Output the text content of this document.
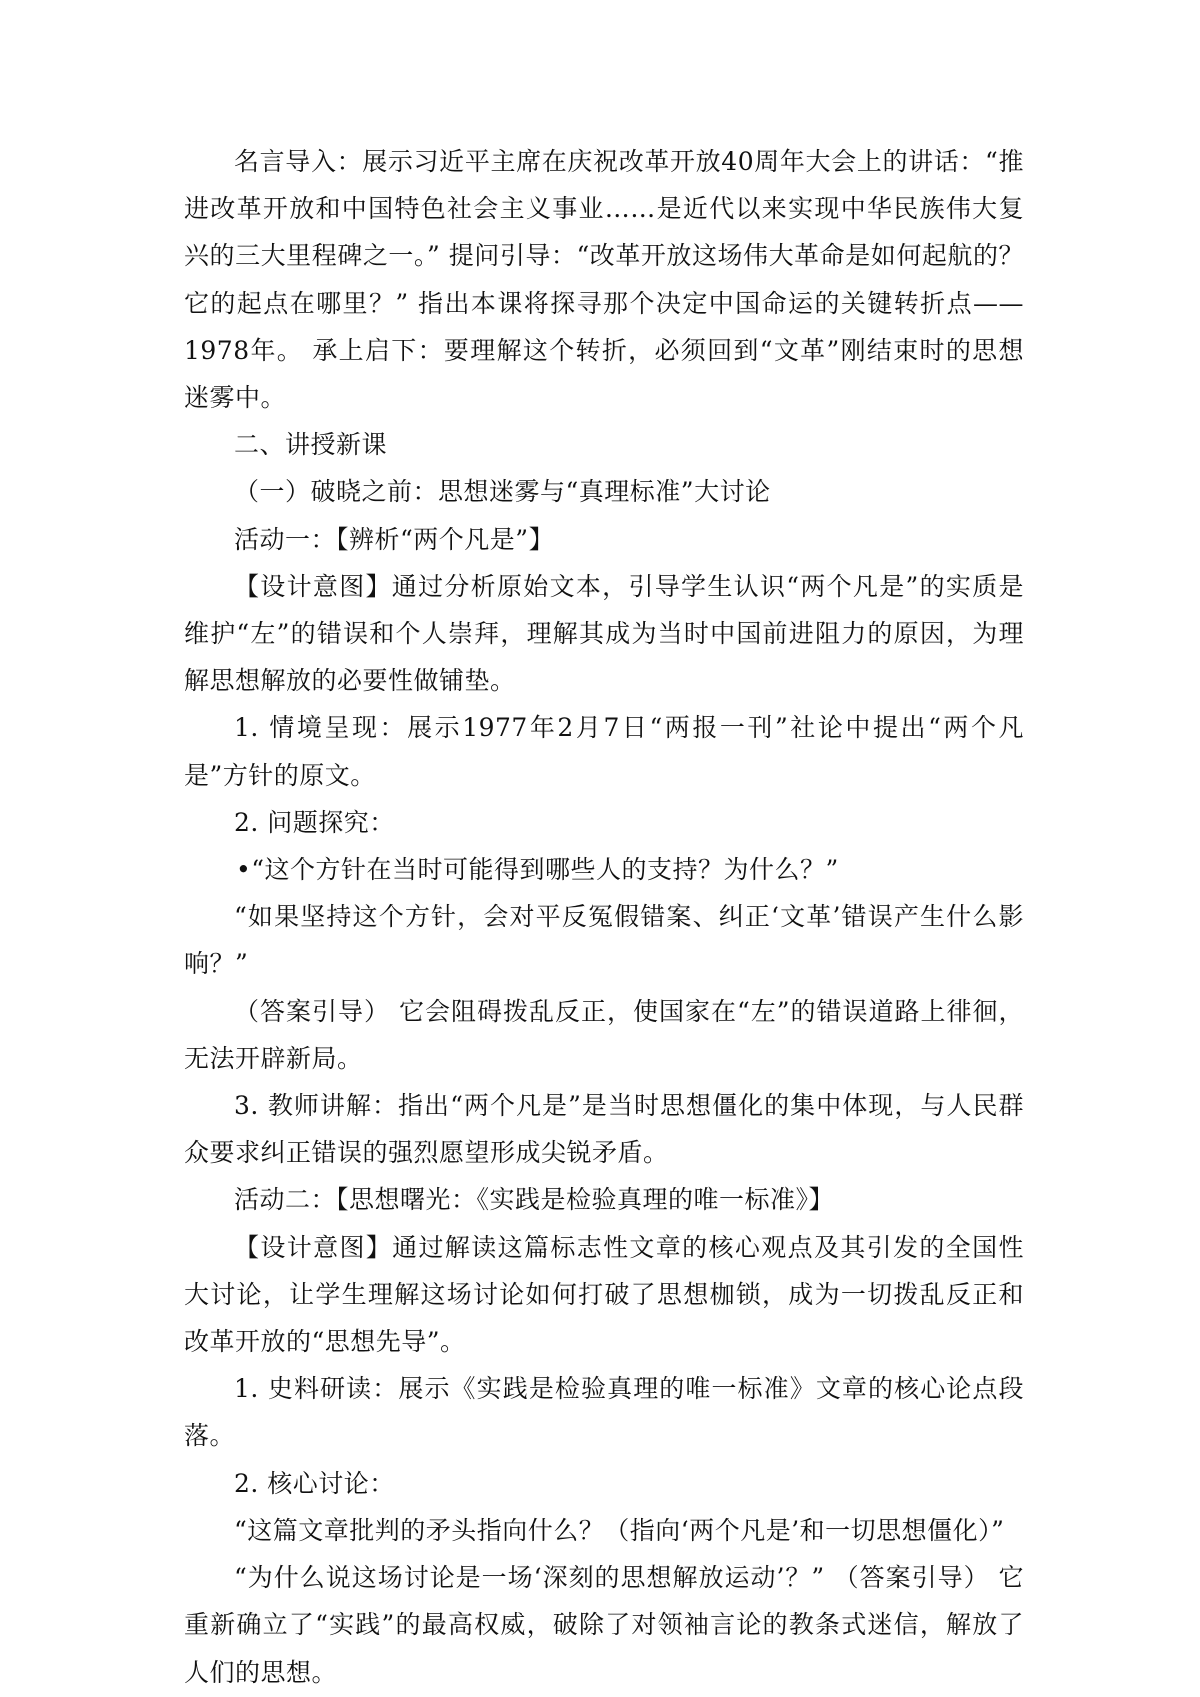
名言导入：展示习近平主席在庆祝改革开放40周年大会上的讲话：“推进改革开放和中国特色社会主义事业……是近代以来实现中华民族伟大复兴的三大里程碑之一。” 提问引导：“改革开放这场伟大革命是如何起航的？它的起点在哪里？” 指出本课将探寻那个决定中国命运的关键转折点——1978年。 承上启下：要理解这个转折，必须回到“文革”刚结束时的思想迷雾中。

二、讲授新课

（一）破晓之前：思想迷雾与“真理标准”大讨论

活动一：【辨析“两个凡是”】

【设计意图】通过分析原始文本，引导学生认识“两个凡是”的实质是维护“左”的错误和个人崇拜，理解其成为当时中国前进阻力的原因，为理解思想解放的必要性做铺垫。

1. 情境呈现：展示1977年2月7日“两报一刊”社论中提出“两个凡是”方针的原文。

2. 问题探究：

•“这个方针在当时可能得到哪些人的支持？为什么？”

“如果坚持这个方针，会对平反冤假错案、纠正‘文革’错误产生什么影响？”

（答案引导） 它会阻碍拨乱反正，使国家在“左”的错误道路上徘徊，无法开辟新局。

3. 教师讲解：指出“两个凡是”是当时思想僵化的集中体现，与人民群众要求纠正错误的强烈愿望形成尖锐矛盾。

活动二：【思想曙光：《实践是检验真理的唯一标准》】

【设计意图】通过解读这篇标志性文章的核心观点及其引发的全国性大讨论，让学生理解这场讨论如何打破了思想枷锁，成为一切拨乱反正和改革开放的“思想先导”。

1. 史料研读：展示《实践是检验真理的唯一标准》文章的核心论点段落。

2. 核心讨论：

“这篇文章批判的矛头指向什么？（指向‘两个凡是’和一切思想僵化）”

“为什么说这场讨论是一场‘深刻的思想解放运动’？” （答案引导） 它重新确立了“实践”的最高权威，破除了对领袖言论的教条式迷信，解放了人们的思想。
